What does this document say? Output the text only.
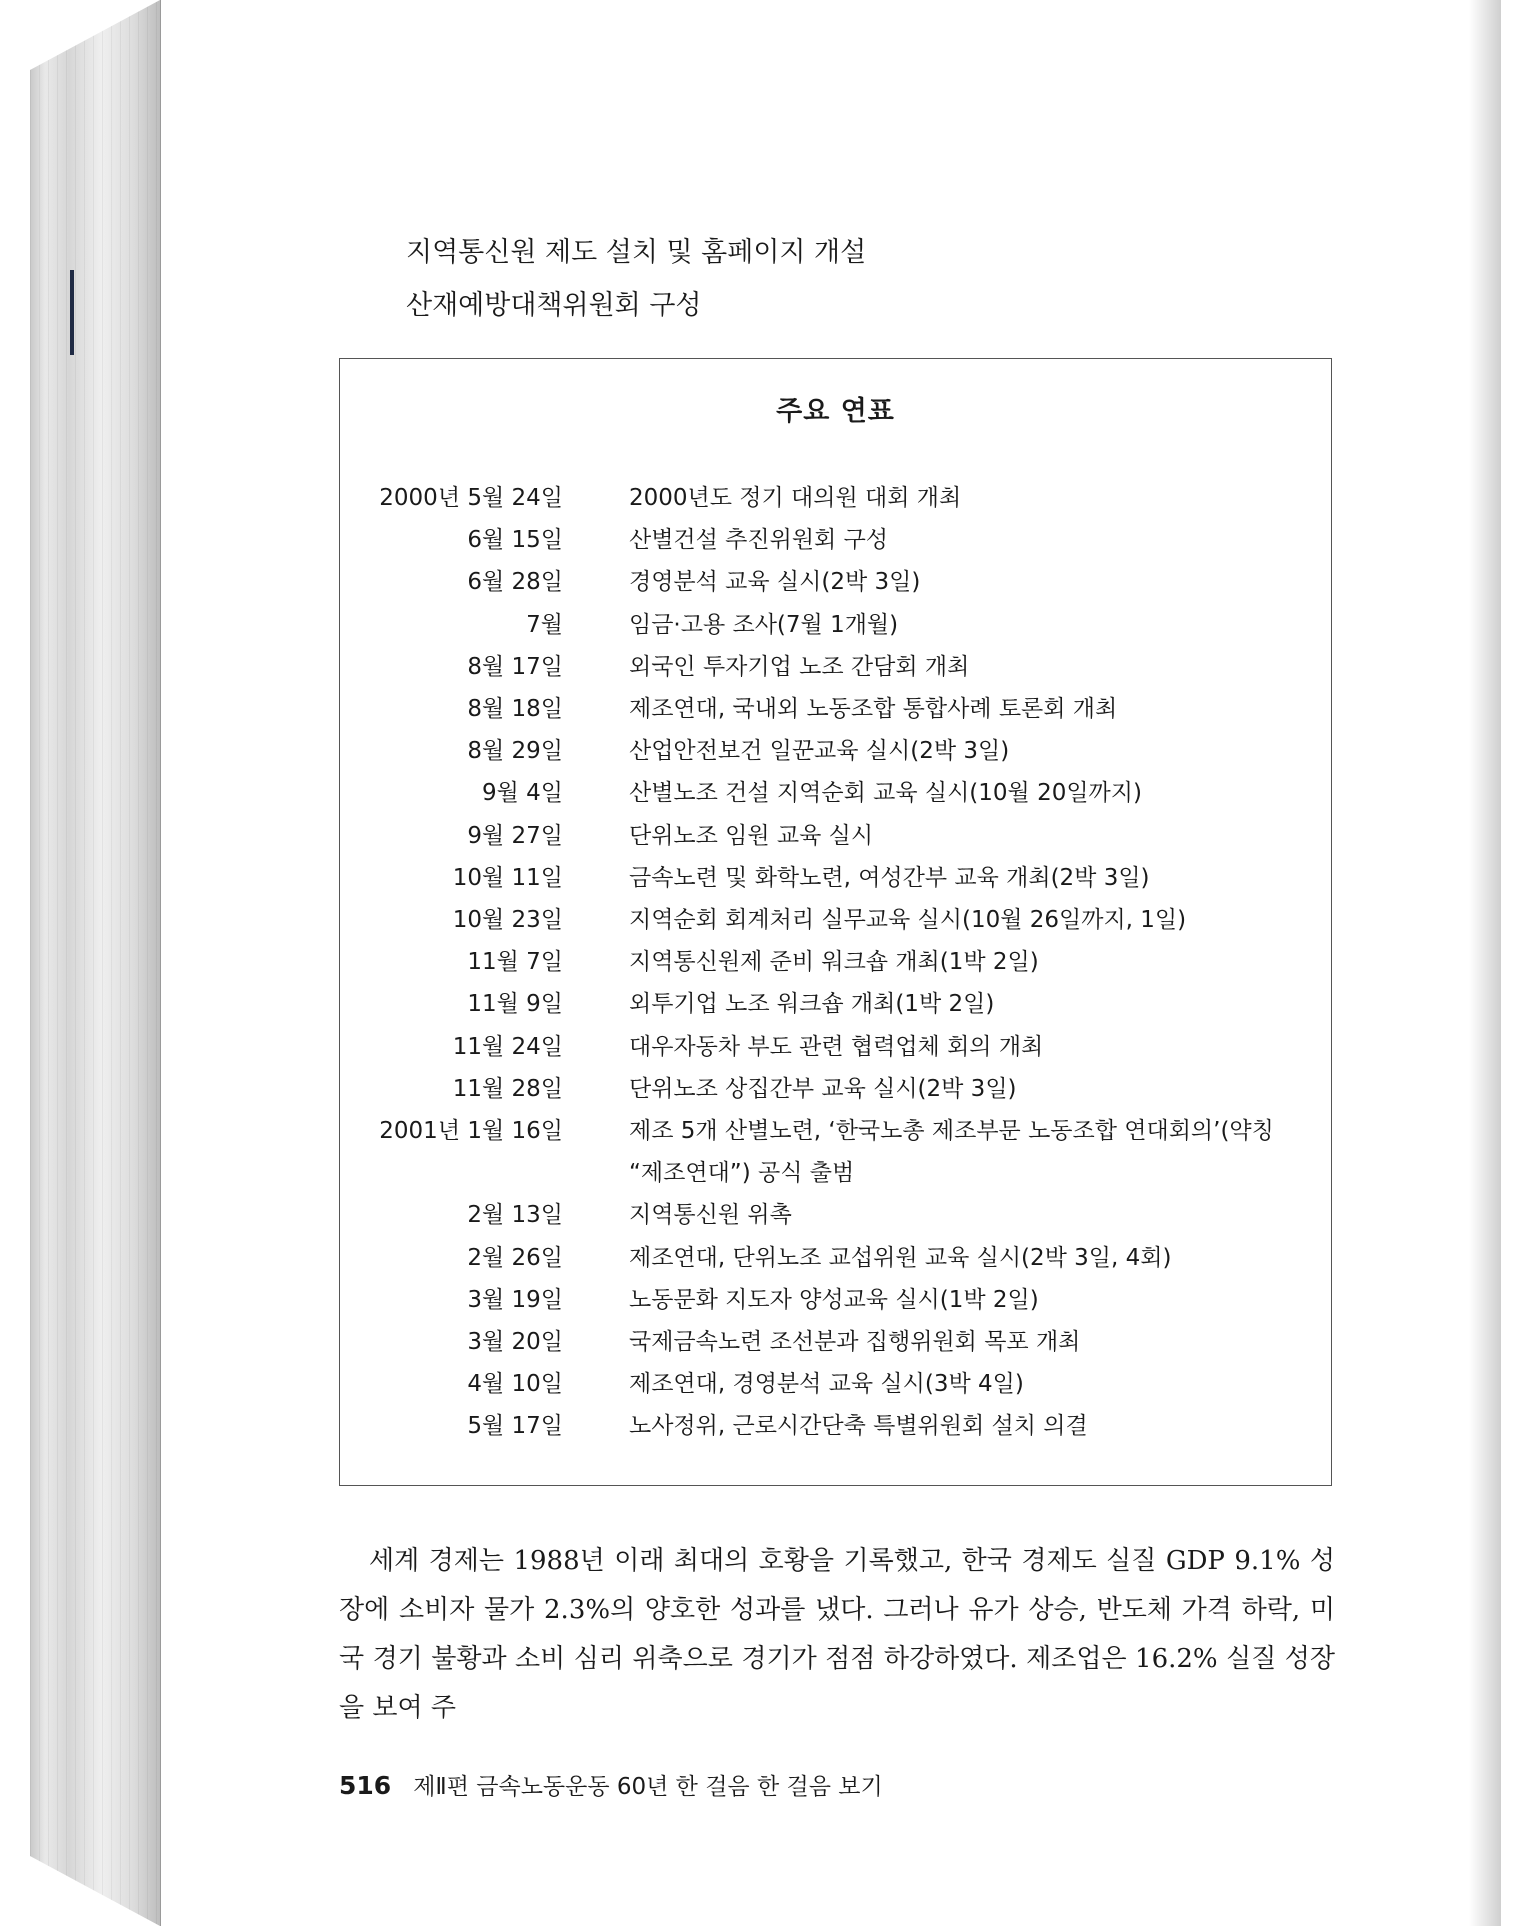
지역통신원 제도 설치 및 홈페이지 개설
산재예방대책위원회 구성
주요 연표
2000년 5월 24일	2000년도 정기 대의원 대회 개최
6월 15일	산별건설 추진위원회 구성
6월 28일	경영분석 교육 실시(2박 3일)
7월	임금·고용 조사(7월 1개월)
8월 17일	외국인 투자기업 노조 간담회 개최
8월 18일	제조연대, 국내외 노동조합 통합사례 토론회 개최
8월 29일	산업안전보건 일꾼교육 실시(2박 3일)
9월 4일	산별노조 건설 지역순회 교육 실시(10월 20일까지)
9월 27일	단위노조 임원 교육 실시
10월 11일	금속노련 및 화학노련, 여성간부 교육 개최(2박 3일)
10월 23일	지역순회 회계처리 실무교육 실시(10월 26일까지, 1일)
11월 7일	지역통신원제 준비 워크숍 개최(1박 2일)
11월 9일	외투기업 노조 워크숍 개최(1박 2일)
11월 24일	대우자동차 부도 관련 협력업체 회의 개최
11월 28일	단위노조 상집간부 교육 실시(2박 3일)
2001년 1월 16일	제조 5개 산별노련, ‘한국노총 제조부문 노동조합 연대회의’(약칭 “제조연대”) 공식 출범
2월 13일	지역통신원 위촉
2월 26일	제조연대, 단위노조 교섭위원 교육 실시(2박 3일, 4회)
3월 19일	노동문화 지도자 양성교육 실시(1박 2일)
3월 20일	국제금속노련 조선분과 집행위원회 목포 개최
4월 10일	제조연대, 경영분석 교육 실시(3박 4일)
5월 17일	노사정위, 근로시간단축 특별위원회 설치 의결
세계 경제는 1988년 이래 최대의 호황을 기록했고, 한국 경제도 실질 GDP 9.1% 성장에 소비자 물가 2.3%의 양호한 성과를 냈다. 그러나 유가 상승, 반도체 가격 하락, 미국 경기 불황과 소비 심리 위축으로 경기가 점점 하강하였다. 제조업은 16.2% 실질 성장을 보여 주
516 제Ⅱ편 금속노동운동 60년 한 걸음 한 걸음 보기
